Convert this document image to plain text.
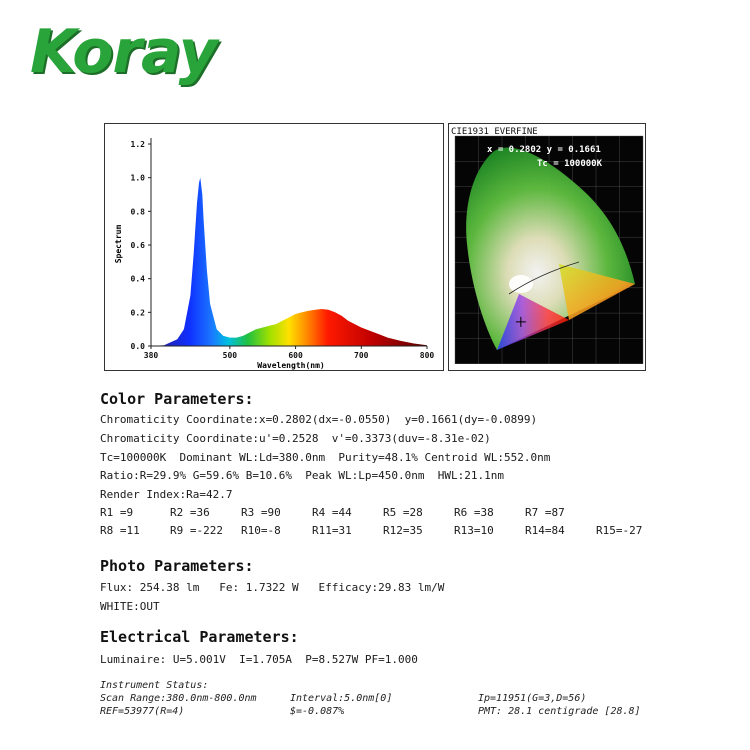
Koray
0.0
0.2
0.4
0.6
0.8
1.0
1.2
380	500	600	700	800
Spectrum
Wavelength(nm)
CIE1931 EVERFINE
x = 0.2802 y = 0.1661
Tc = 100000K
Color Parameters:
Chromaticity Coordinate:x=0.2802(dx=-0.0550)  y=0.1661(dy=-0.0899)
Chromaticity Coordinate:u'=0.2528  v'=0.3373(duv=-8.31e-02)
Tc=100000K  Dominant WL:Ld=380.0nm  Purity=48.1% Centroid WL:552.0nm
Ratio:R=29.9% G=59.6% B=10.6%  Peak WL:Lp=450.0nm  HWL:21.1nm
Render Index:Ra=42.7
R1 =9	R2 =36	R3 =90	R4 =44	R5 =28	R6 =38	R7 =87
R8 =11	R9 =-222 R10=-8	R11=31	R12=35	R13=10	R14=84	R15=-27
Photo Parameters:
Flux: 254.38 lm   Fe: 1.7322 W   Efficacy:29.83 lm/W
WHITE:OUT
Electrical Parameters:
Luminaire: U=5.001V  I=1.705A  P=8.527W PF=1.000
Instrument Status:
Scan Range:380.0nm-800.0nm	Interval:5.0nm[0]	Ip=11951(G=3,D=56)
REF=53977(R=4)	$=-0.087%	PMT: 28.1 centigrade [28.8]
